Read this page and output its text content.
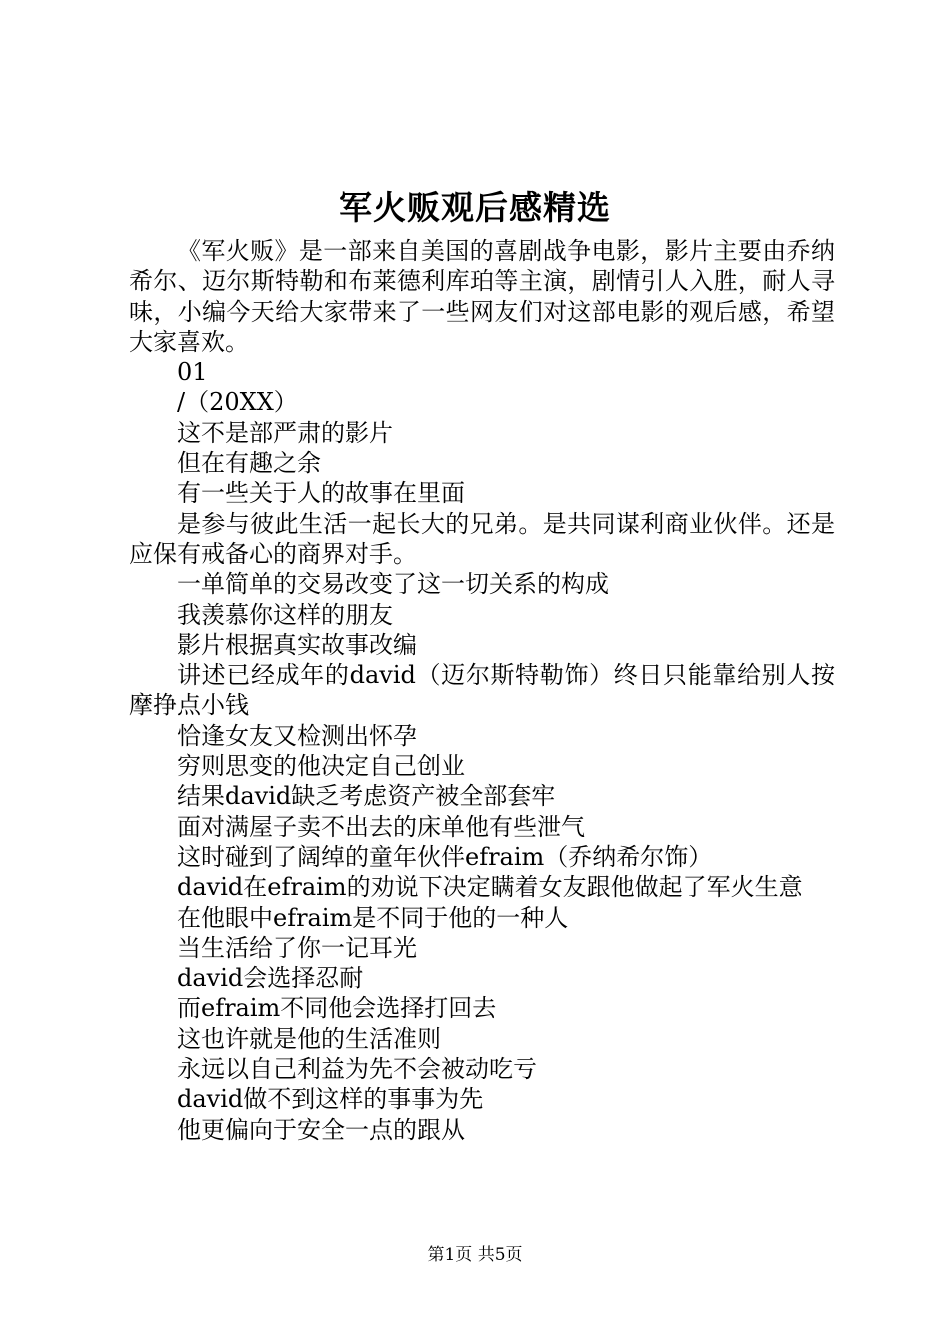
军火贩观后感精选

《军火贩》是一部来自美国的喜剧战争电影，影片主要由乔纳希尔、迈尔斯特勒和布莱德利库珀等主演，剧情引人入胜，耐人寻味，小编今天给大家带来了一些网友们对这部电影的观后感，希望大家喜欢。

01

/（20XX）

这不是部严肃的影片

但在有趣之余

有一些关于人的故事在里面

是参与彼此生活一起长大的兄弟。是共同谋利商业伙伴。还是应保有戒备心的商界对手。

一单简单的交易改变了这一切关系的构成

我羡慕你这样的朋友

影片根据真实故事改编

讲述已经成年的david（迈尔斯特勒饰）终日只能靠给别人按摩挣点小钱

恰逢女友又检测出怀孕

穷则思变的他决定自己创业

结果david缺乏考虑资产被全部套牢

面对满屋子卖不出去的床单他有些泄气

这时碰到了阔绰的童年伙伴efraim（乔纳希尔饰）

david在efraim的劝说下决定瞒着女友跟他做起了军火生意

在他眼中efraim是不同于他的一种人

当生活给了你一记耳光

david会选择忍耐

而efraim不同他会选择打回去

这也许就是他的生活准则

永远以自己利益为先不会被动吃亏

david做不到这样的事事为先

他更偏向于安全一点的跟从

第1页 共5页
